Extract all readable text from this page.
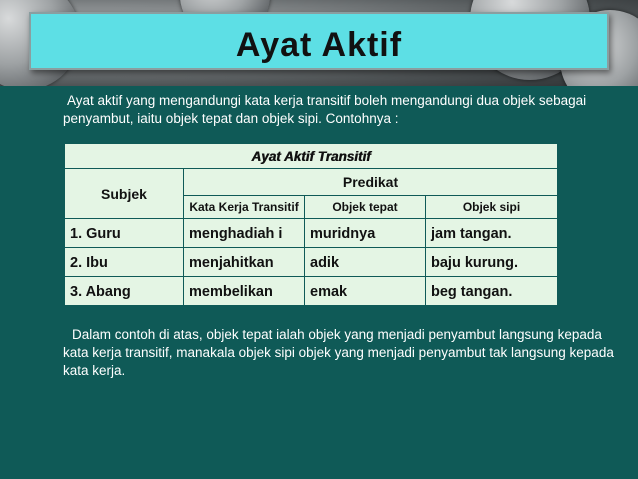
Ayat Aktif
Ayat aktif yang mengandungi kata kerja transitif boleh mengandungi dua objek sebagai penyambut, iaitu objek tepat dan objek sipi. Contohnya :
Ayat Aktif Transitif			
Subjek	Predikat		
	Kata Kerja Transitif	Objek tepat	Objek sipi
1. Guru	menghadiah i	muridnya	jam tangan.
2. Ibu	menjahitkan	adik	baju kurung.
3. Abang	membelikan	emak	beg tangan.
Dalam contoh di atas, objek tepat ialah objek yang menjadi penyambut langsung kepada kata kerja transitif, manakala objek sipi objek yang menjadi penyambut tak langsung kepada kata kerja.
